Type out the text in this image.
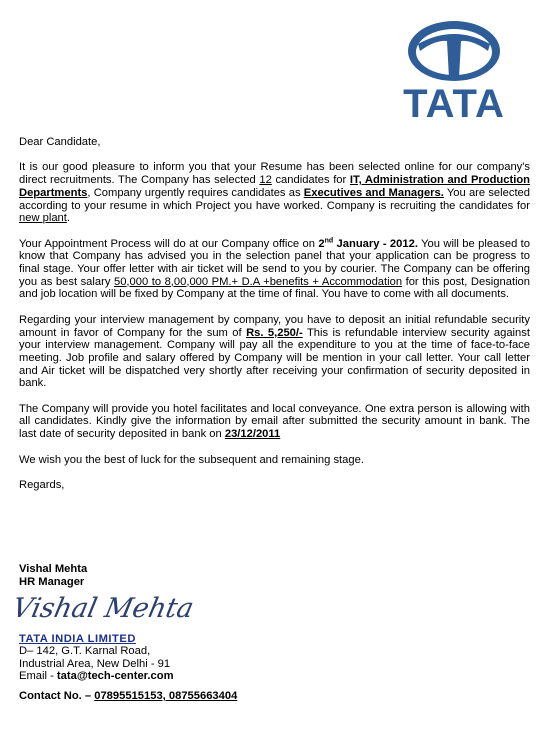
TATA

Dear Candidate,

It is our good pleasure to inform you that your Resume has been selected online for our company's direct recruitments. The Company has selected 12 candidates for IT, Administration and Production Departments, Company urgently requires candidates as Executives and Managers. You are selected according to your resume in which Project you have worked. Company is recruiting the candidates for new plant.

Your Appointment Process will do at our Company office on 2nd January - 2012. You will be pleased to know that Company has advised you in the selection panel that your application can be progress to final stage. Your offer letter with air ticket will be send to you by courier. The Company can be offering you as best salary 50,000 to 8,00,000 PM.+ D.A +benefits + Accommodation for this post, Designation and job location will be fixed by Company at the time of final. You have to come with all documents.

Regarding your interview management by company, you have to deposit an initial refundable security amount in favor of Company for the sum of Rs. 5,250/- This is refundable interview security against your interview management. Company will pay all the expenditure to you at the time of face-to-face meeting. Job profile and salary offered by Company will be mention in your call letter. Your call letter and Air ticket will be dispatched very shortly after receiving your confirmation of security deposited in bank.

The Company will provide you hotel facilitates and local conveyance. One extra person is allowing with all candidates. Kindly give the information by email after submitted the security amount in bank. The last date of security deposited in bank on 23/12/2011

We wish you the best of luck for the subsequent and remaining stage.

Regards,

Vishal Mehta
HR Manager
Vishal Mehta
TATA INDIA LIMITED
D– 142, G.T. Karnal Road,
Industrial Area, New Delhi - 91
Email - tata@tech-center.com
Contact No. – 07895515153, 08755663404
